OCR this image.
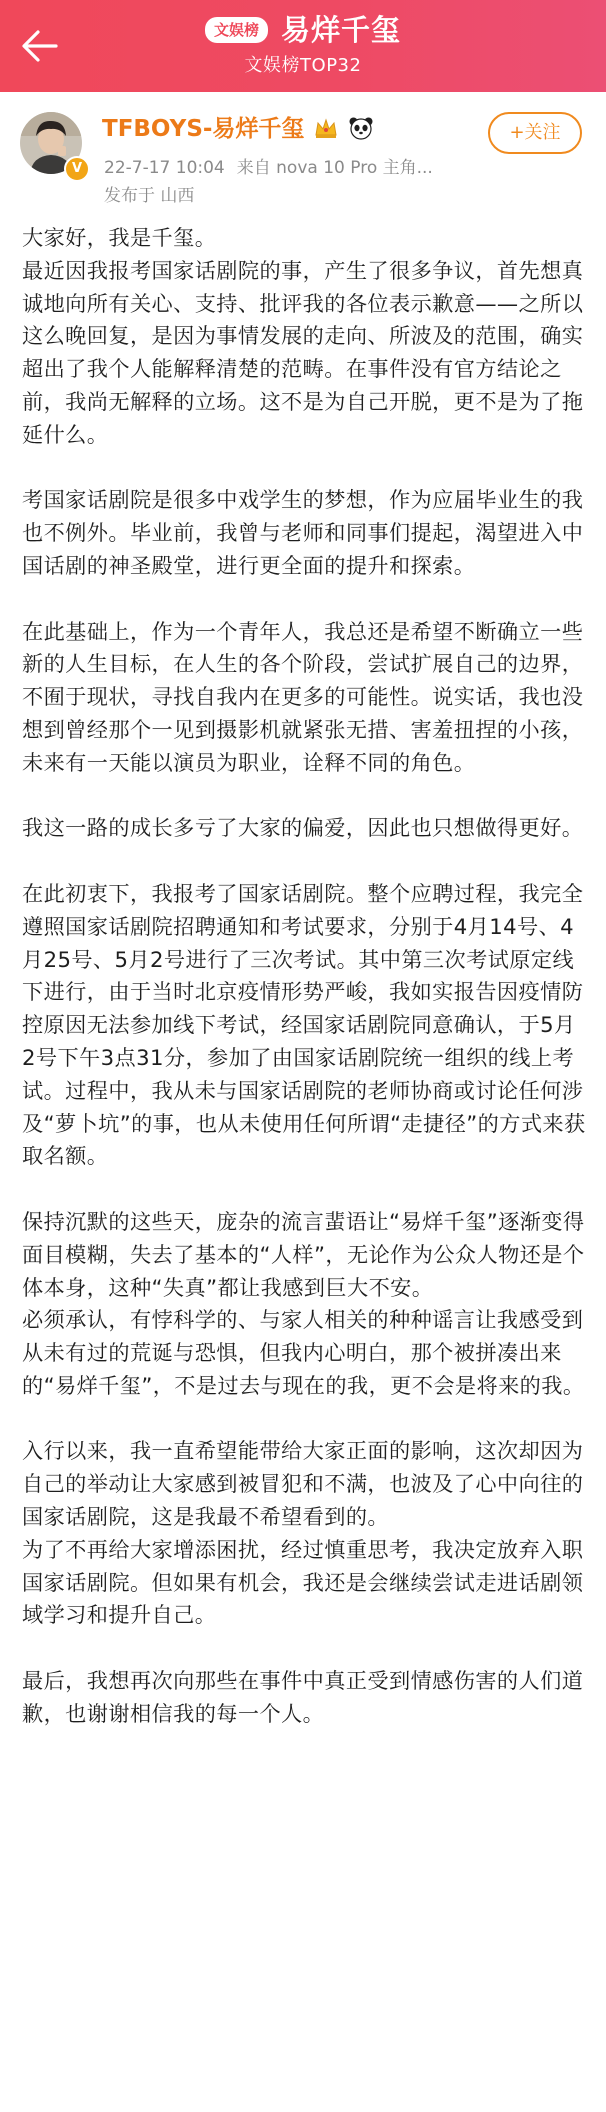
文娱榜 易烊千玺
文娱榜TOP32
V
TFBOYS-易烊千玺

22-7-17 10:04 来自 nova 10 Pro 主角...
发布于 山西
+关注

大家好，我是千玺。

最近因我报考国家话剧院的事，产生了很多争议，首先想真诚地向所有关心、支持、批评我的各位表示歉意——之所以这么晚回复，是因为事情发展的走向、所波及的范围，确实超出了我个人能解释清楚的范畴。在事件没有官方结论之前，我尚无解释的立场。这不是为自己开脱，更不是为了拖延什么。

考国家话剧院是很多中戏学生的梦想，作为应届毕业生的我也不例外。毕业前，我曾与老师和同事们提起，渴望进入中国话剧的神圣殿堂，进行更全面的提升和探索。

在此基础上，作为一个青年人，我总还是希望不断确立一些新的人生目标，在人生的各个阶段，尝试扩展自己的边界，不囿于现状，寻找自我内在更多的可能性。说实话，我也没想到曾经那个一见到摄影机就紧张无措、害羞扭捏的小孩，未来有一天能以演员为职业，诠释不同的角色。

我这一路的成长多亏了大家的偏爱，因此也只想做得更好。

在此初衷下，我报考了国家话剧院。整个应聘过程，我完全遵照国家话剧院招聘通知和考试要求，分别于4月14号、4月25号、5月2号进行了三次考试。其中第三次考试原定线下进行，由于当时北京疫情形势严峻，我如实报告因疫情防控原因无法参加线下考试，经国家话剧院同意确认，于5月2号下午3点31分，参加了由国家话剧院统一组织的线上考试。过程中，我从未与国家话剧院的老师协商或讨论任何涉及“萝卜坑”的事，也从未使用任何所谓“走捷径”的方式来获取名额。

保持沉默的这些天，庞杂的流言蜚语让“易烊千玺”逐渐变得面目模糊，失去了基本的“人样”，无论作为公众人物还是个体本身，这种“失真”都让我感到巨大不安。

必须承认，有悖科学的、与家人相关的种种谣言让我感受到从未有过的荒诞与恐惧，但我内心明白，那个被拼凑出来的“易烊千玺”，不是过去与现在的我，更不会是将来的我。

入行以来，我一直希望能带给大家正面的影响，这次却因为自己的举动让大家感到被冒犯和不满，也波及了心中向往的国家话剧院，这是我最不希望看到的。

为了不再给大家增添困扰，经过慎重思考，我决定放弃入职国家话剧院。但如果有机会，我还是会继续尝试走进话剧领域学习和提升自己。

最后，我想再次向那些在事件中真正受到情感伤害的人们道歉，也谢谢相信我的每一个人。
